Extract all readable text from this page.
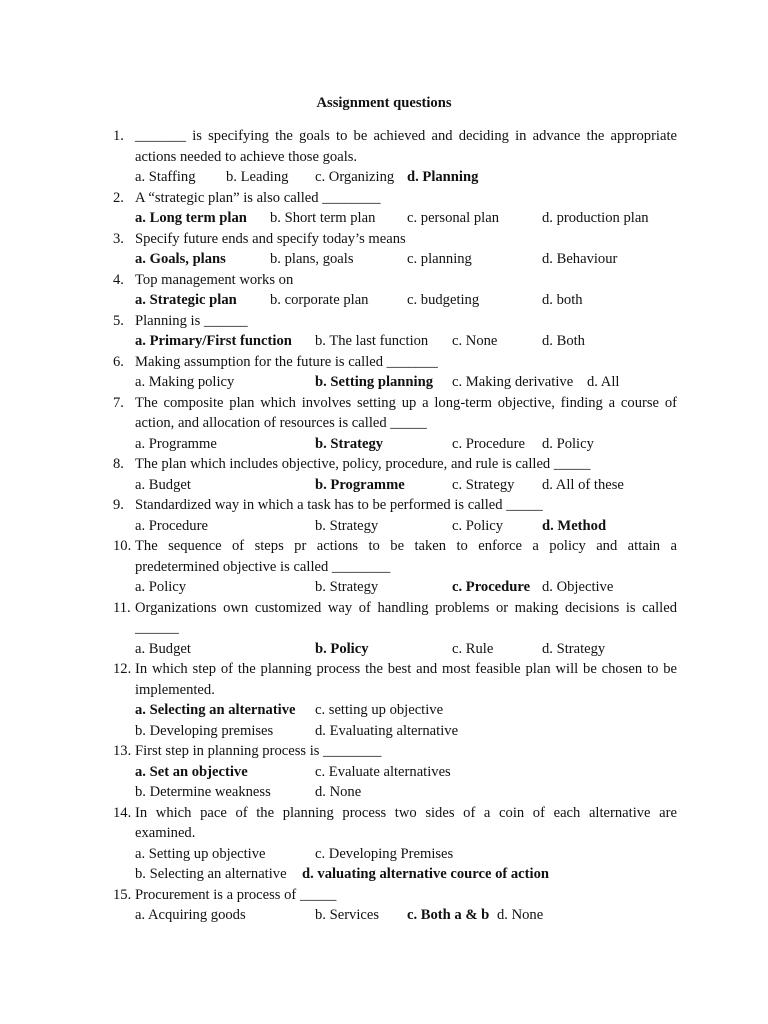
Assignment questions
1. _______ is specifying the goals to be achieved and deciding in advance the appropriate
actions needed to achieve those goals.
a. Staffing b. Leading c. Organizing d. Planning
2. A “strategic plan” is also called ________
a. Long term plan b. Short term plan c. personal plan	d. production plan
3. Specify future ends and specify today’s means
a. Goals, plans	b. plans, goals	c. planning	d. Behaviour
4. Top management works on
a. Strategic plan b. corporate plan	c. budgeting	d. both
5. Planning is ______
a. Primary/First function b. The last function c. None	d. Both
6. Making assumption for the future is called _______
a. Making policy	b. Setting planning c. Making derivative d. All
7. The composite plan which involves setting up a long-term objective, finding a course of
action, and allocation of resources is called _____
a. Programme	b. Strategy	c. Procedure d. Policy
8. The plan which includes objective, policy, procedure, and rule is called _____
a. Budget	b. Programme	c. Strategy d. All of these
9. Standardized way in which a task has to be performed is called _____
a. Procedure	b. Strategy	c. Policy	d. Method
10. The sequence of steps pr actions to be taken to enforce a policy and attain a
predetermined objective is called ________
a. Policy	b. Strategy	c. Procedure d. Objective
11. Organizations own customized way of handling problems or making decisions is called
______
a. Budget	b. Policy	c. Rule	d. Strategy
12. In which step of the planning process the best and most feasible plan will be chosen to be
implemented.
a. Selecting an alternative c. setting up objective
b. Developing premises	d. Evaluating alternative
13. First step in planning process is ________
a. Set an objective	c. Evaluate alternatives
b. Determine weakness	d. None
14. In which pace of the planning process two sides of a coin of each alternative are
examined.
a. Setting up objective	c. Developing Premises
b. Selecting an alternative d. valuating alternative cource of action
15. Procurement is a process of _____
a. Acquiring goods	b. Services c. Both a & b d. None
